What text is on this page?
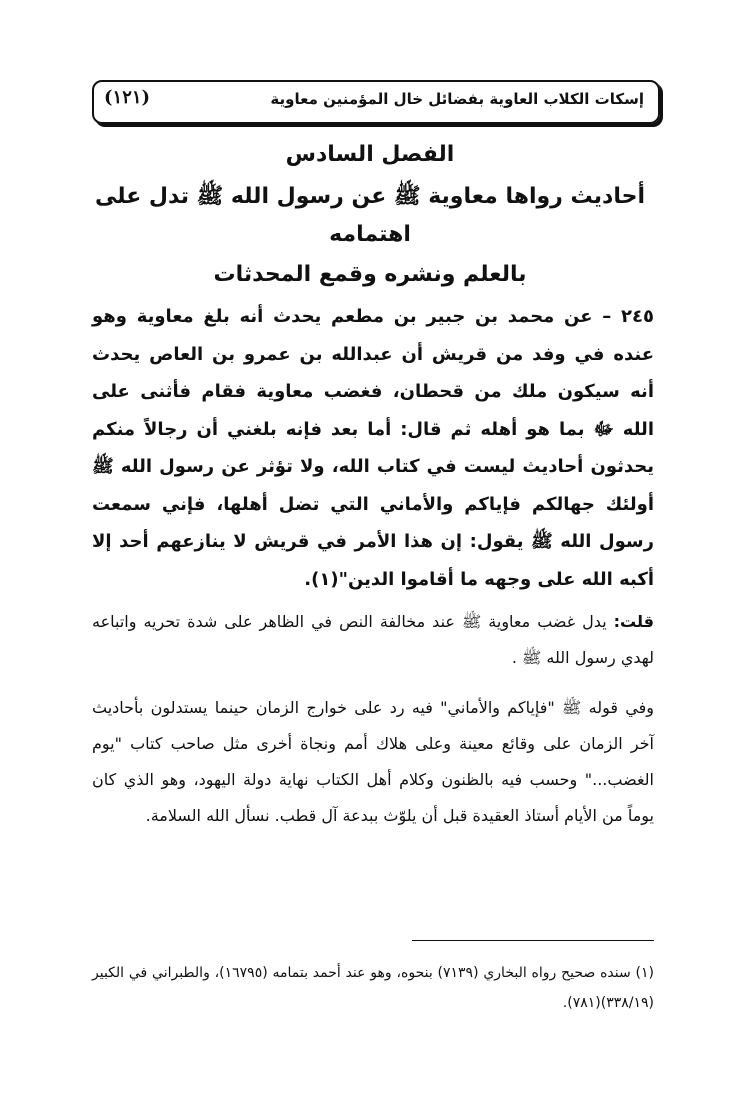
إسكات الكلاب العاوية بفضائل خال المؤمنين معاوية
(١٢١)
الفصل السادس
أحاديث رواها معاوية ﷺ عن رسول الله ﷺ تدل على
اهتمامه
بالعلم ونشره وقمع المحدثات
٢٤٥ – عن محمد بن جبير بن مطعم يحدث أنه بلغ معاوية وهو عنده في وفد من قريش أن عبدالله بن عمرو بن العاص يحدث أنه سيكون ملك من قحطان، فغضب معاوية فقام فأثنى على الله ﷻ بما هو أهله ثم قال: أما بعد فإنه بلغني أن رجالاً منكم يحدثون أحاديث ليست في كتاب الله، ولا تؤثر عن رسول الله ﷺ أولئك جهالكم فإياكم والأماني التي تضل أهلها، فإني سمعت رسول الله ﷺ يقول: إن هذا الأمر في قريش لا ينازعهم أحد إلا أكبه الله على وجهه ما أقاموا الدين"(١).
قلت: يدل غضب معاوية ﷺ عند مخالفة النص في الظاهر على شدة تحريه واتباعه لهدي رسول الله ﷺ .
وفي قوله ﷺ "فإياكم والأماني" فيه رد على خوارج الزمان حينما يستدلون بأحاديث آخر الزمان على وقائع معينة وعلى هلاك أمم ونجاة أخرى مثل صاحب كتاب "يوم الغضب..." وحسب فيه بالظنون وكلام أهل الكتاب نهاية دولة اليهود، وهو الذي كان يوماً من الأيام أستاذ العقيدة قبل أن يلوّث ببدعة آل قطب. نسأل الله السلامة.
(١) سنده صحيح رواه البخاري (٧١٣٩) بنحوه، وهو عند أحمد بتمامه (١٦٧٩٥)، والطبراني في الكبير (٣٣٨/١٩)(٧٨١).
